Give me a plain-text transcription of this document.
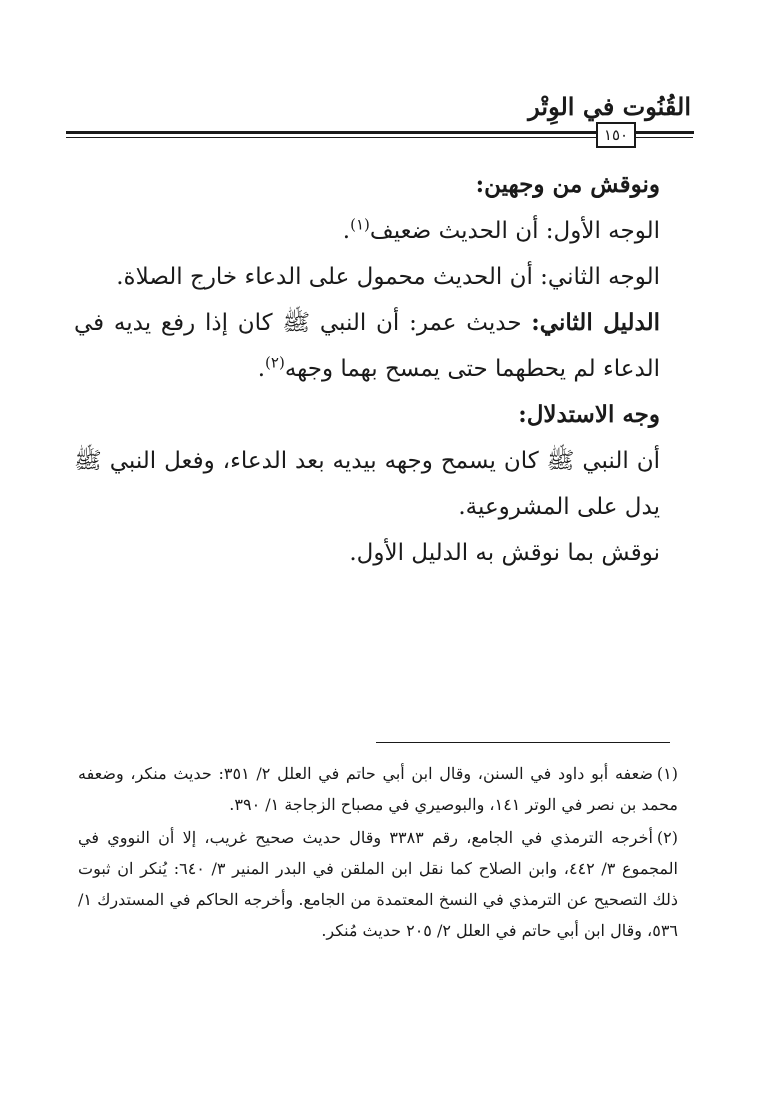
القُنُوت في الوِتْر
١٥٠

ونوقش من وجهين:

الوجه الأول: أن الحديث ضعيف$^{(١)}$.

الوجه الثاني: أن الحديث محمول على الدعاء خارج الصلاة.

الدليل الثاني: حديث عمر: أن النبي ﷺ كان إذا رفع يديه في الدعاء لم يحطهما حتى يمسح بهما وجهه$^{(٢)}$.

وجه الاستدلال:

أن النبي ﷺ كان يسمح وجهه بيديه بعد الدعاء، وفعل النبي ﷺ يدل على المشروعية.

نوقش بما نوقش به الدليل الأول.

(١)ضعفه أبو داود في السنن، وقال ابن أبي حاتم في العلل ٢/ ٣٥١: حديث منكر، وضعفه محمد بن نصر في الوتر ١٤١، والبوصيري في مصباح الزجاجة ١/ ٣٩٠.

(٢)أخرجه الترمذي في الجامع، رقم ٣٣٨٣ وقال حديث صحيح غريب، إلا أن النووي في المجموع ٣/ ٤٤٢، وابن الصلاح كما نقل ابن الملقن في البدر المنير ٣/ ٦٤٠: يُنكر ان ثبوت ذلك التصحيح عن الترمذي في النسخ المعتمدة من الجامع. وأخرجه الحاكم في المستدرك ١/ ٥٣٦، وقال ابن أبي حاتم في العلل ٢/ ٢٠٥ حديث مُنكر.
